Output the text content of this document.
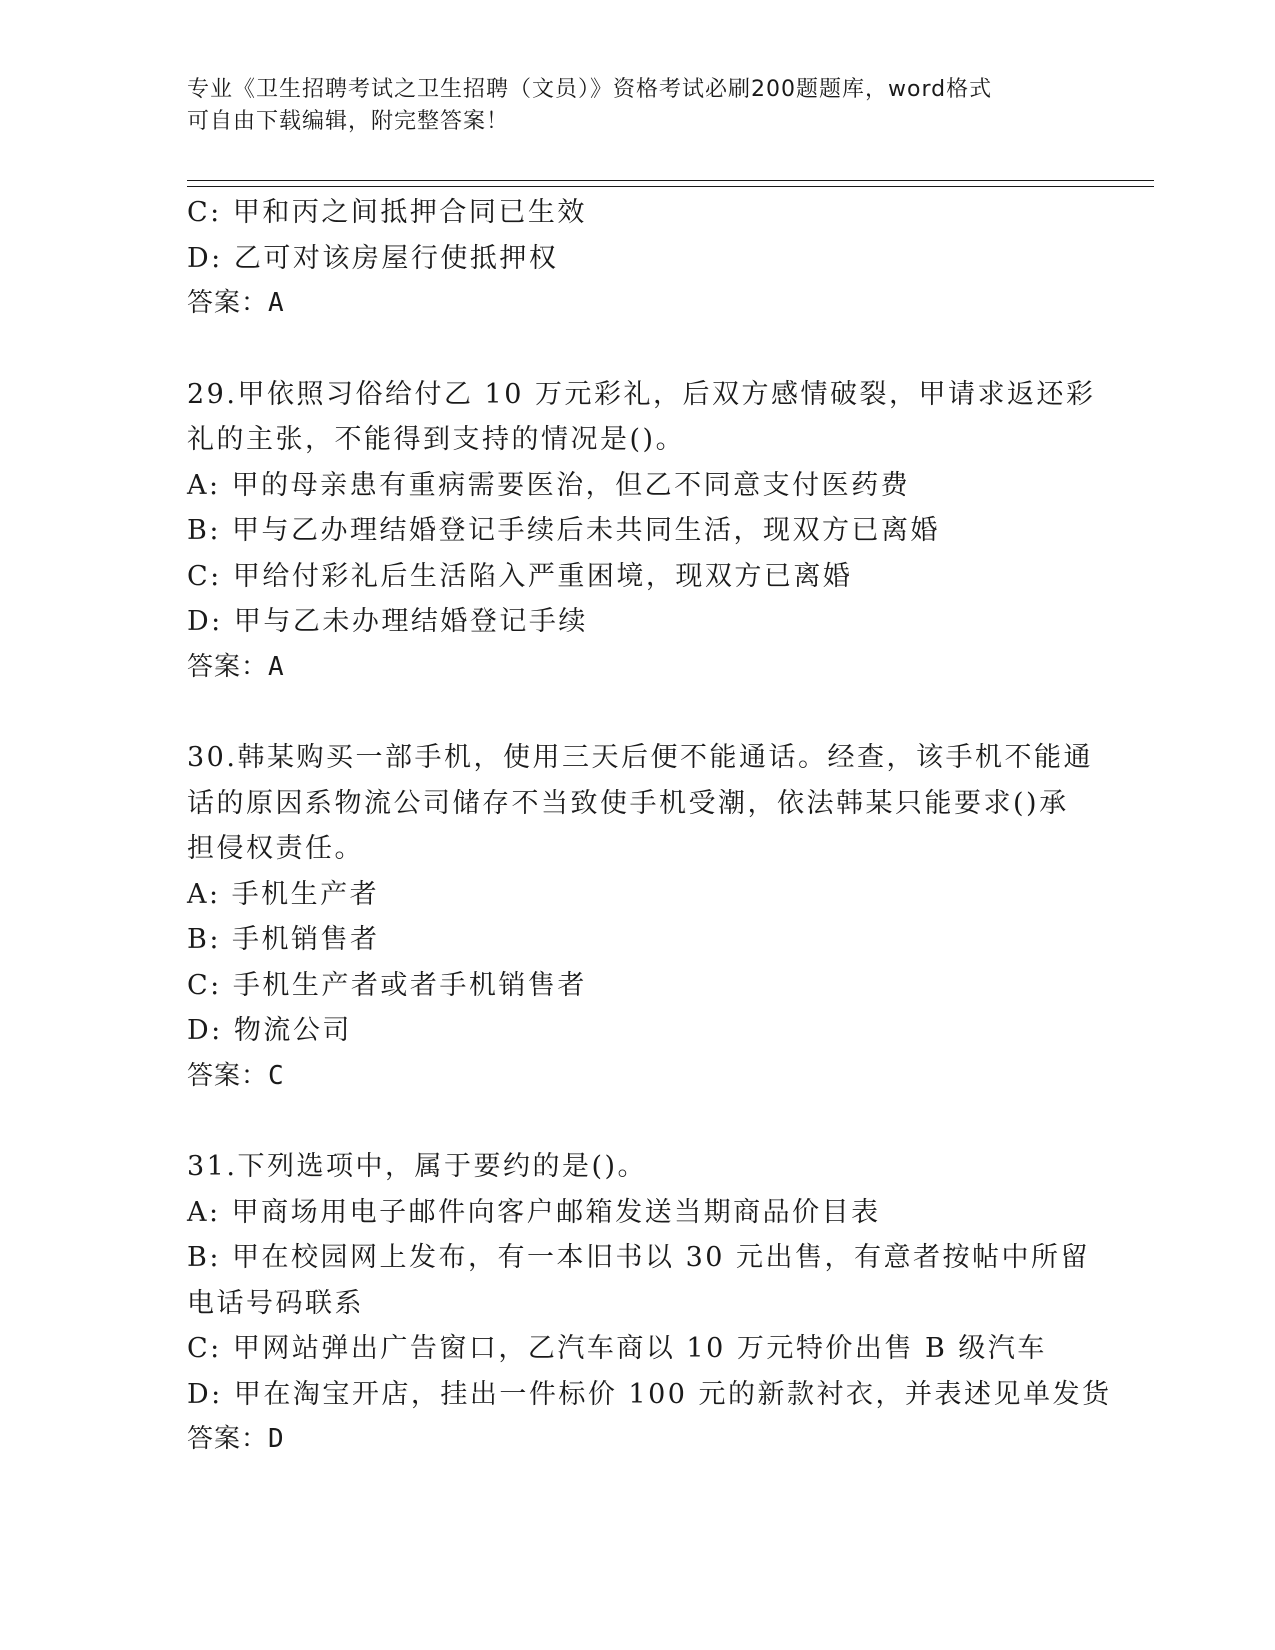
专业《卫生招聘考试之卫生招聘（文员）》资格考试必刷200题题库，word格式
可自由下载编辑，附完整答案！
C: 甲和丙之间抵押合同已生效
D: 乙可对该房屋行使抵押权
答案：A
29.甲依照习俗给付乙 10 万元彩礼，后双方感情破裂，甲请求返还彩
礼的主张，不能得到支持的情况是()。
A: 甲的母亲患有重病需要医治，但乙不同意支付医药费
B: 甲与乙办理结婚登记手续后未共同生活，现双方已离婚
C: 甲给付彩礼后生活陷入严重困境，现双方已离婚
D: 甲与乙未办理结婚登记手续
答案：A
30.韩某购买一部手机，使用三天后便不能通话。经查，该手机不能通
话的原因系物流公司储存不当致使手机受潮，依法韩某只能要求()承
担侵权责任。
A: 手机生产者
B: 手机销售者
C: 手机生产者或者手机销售者
D: 物流公司
答案：C
31.下列选项中，属于要约的是()。
A: 甲商场用电子邮件向客户邮箱发送当期商品价目表
B: 甲在校园网上发布，有一本旧书以 30 元出售，有意者按帖中所留
电话号码联系
C: 甲网站弹出广告窗口，乙汽车商以 10 万元特价出售 B 级汽车
D: 甲在淘宝开店，挂出一件标价 100 元的新款衬衣，并表述见单发货
答案：D
